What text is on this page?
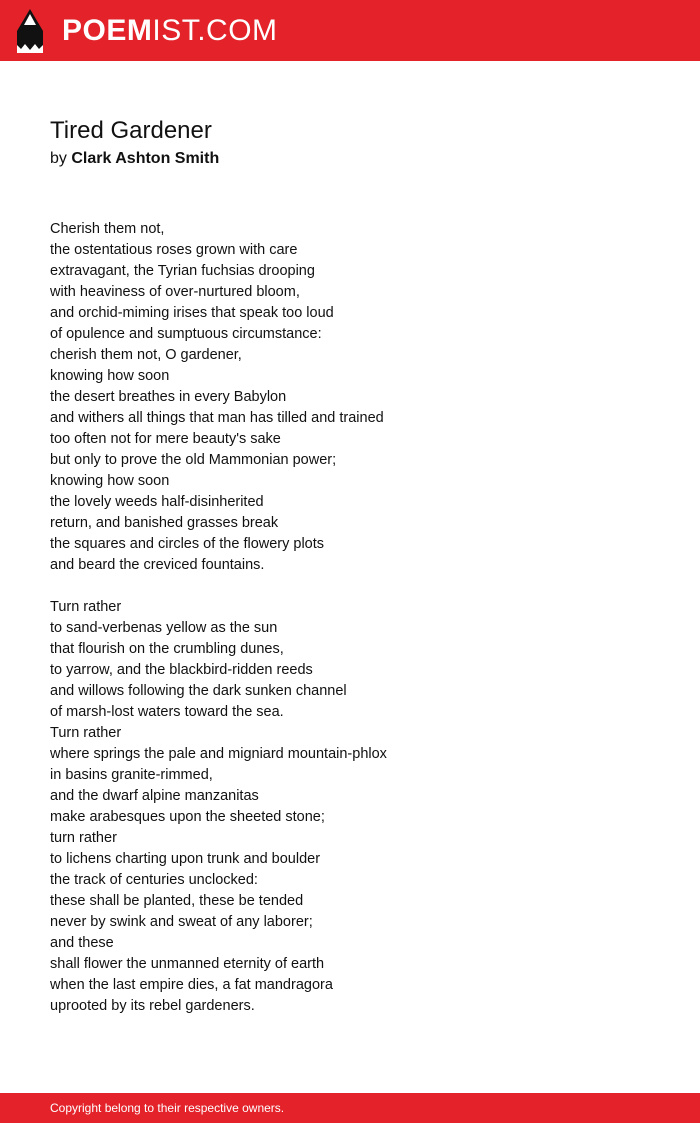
POEMIST.COM
Tired Gardener
by Clark Ashton Smith
Cherish them not,
the ostentatious roses grown with care
extravagant, the Tyrian fuchsias drooping
with heaviness of over-nurtured bloom,
and orchid-miming irises that speak too loud
of opulence and sumptuous circumstance:
cherish them not, O gardener,
knowing how soon
the desert breathes in every Babylon
and withers all things that man has tilled and trained
too often not for mere beauty's sake
but only to prove the old Mammonian power;
knowing how soon
the lovely weeds half-disinherited
return, and banished grasses break
the squares and circles of the flowery plots
and beard the creviced fountains.
Turn rather
to sand-verbenas yellow as the sun
that flourish on the crumbling dunes,
to yarrow, and the blackbird-ridden reeds
and willows following the dark sunken channel
of marsh-lost waters toward the sea.
Turn rather
where springs the pale and migniard mountain-phlox
in basins granite-rimmed,
and the dwarf alpine manzanitas
make arabesques upon the sheeted stone;
turn rather
to lichens charting upon trunk and boulder
the track of centuries unclocked:
these shall be planted, these be tended
never by swink and sweat of any laborer;
and these
shall flower the unmanned eternity of earth
when the last empire dies, a fat mandragora
uprooted by its rebel gardeners.
Copyright belong to their respective owners.
